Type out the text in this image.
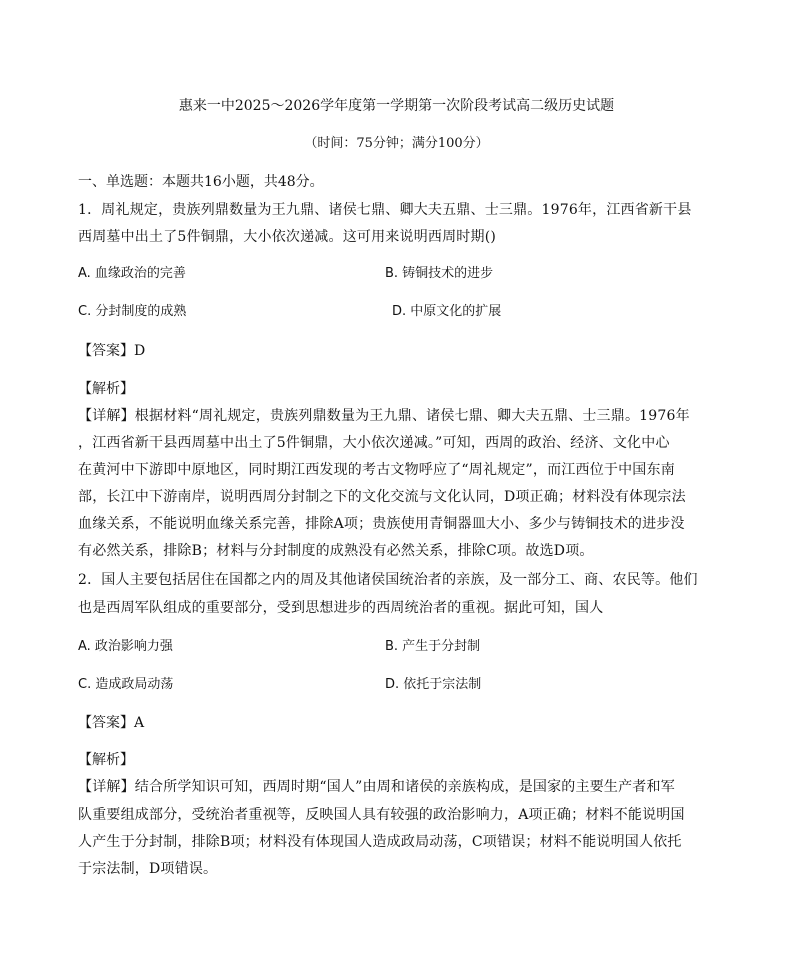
惠来一中2025～2026学年度第一学期第一次阶段考试高二级历史试题
（时间：75分钟；满分100分）
一、单选题：本题共16小题，共48分。
1．周礼规定，贵族列鼎数量为王九鼎、诸侯七鼎、卿大夫五鼎、士三鼎。1976年，江西省新干县
西周墓中出土了5件铜鼎，大小依次递减。这可用来说明西周时期()
A. 血缘政治的完善	B. 铸铜技术的进步
C. 分封制度的成熟	D. 中原文化的扩展
【答案】D
【解析】
【详解】根据材料“周礼规定，贵族列鼎数量为王九鼎、诸侯七鼎、卿大夫五鼎、士三鼎。1976年
，江西省新干县西周墓中出土了5件铜鼎，大小依次递减。”可知，西周的政治、经济、文化中心
在黄河中下游即中原地区，同时期江西发现的考古文物呼应了“周礼规定”，而江西位于中国东南
部，长江中下游南岸，说明西周分封制之下的文化交流与文化认同，D项正确；材料没有体现宗法
血缘关系，不能说明血缘关系完善，排除A项；贵族使用青铜器皿大小、多少与铸铜技术的进步没
有必然关系，排除B；材料与分封制度的成熟没有必然关系，排除C项。故选D项。
2．国人主要包括居住在国都之内的周及其他诸侯国统治者的亲族，及一部分工、商、农民等。他们
也是西周军队组成的重要部分，受到思想进步的西周统治者的重视。据此可知，国人
A. 政治影响力强	B. 产生于分封制
C. 造成政局动荡	D. 依托于宗法制
【答案】A
【解析】
【详解】结合所学知识可知，西周时期“国人”由周和诸侯的亲族构成，是国家的主要生产者和军
队重要组成部分，受统治者重视等，反映国人具有较强的政治影响力，A项正确；材料不能说明国
人产生于分封制，排除B项；材料没有体现国人造成政局动荡，C项错误；材料不能说明国人依托
于宗法制，D项错误。
